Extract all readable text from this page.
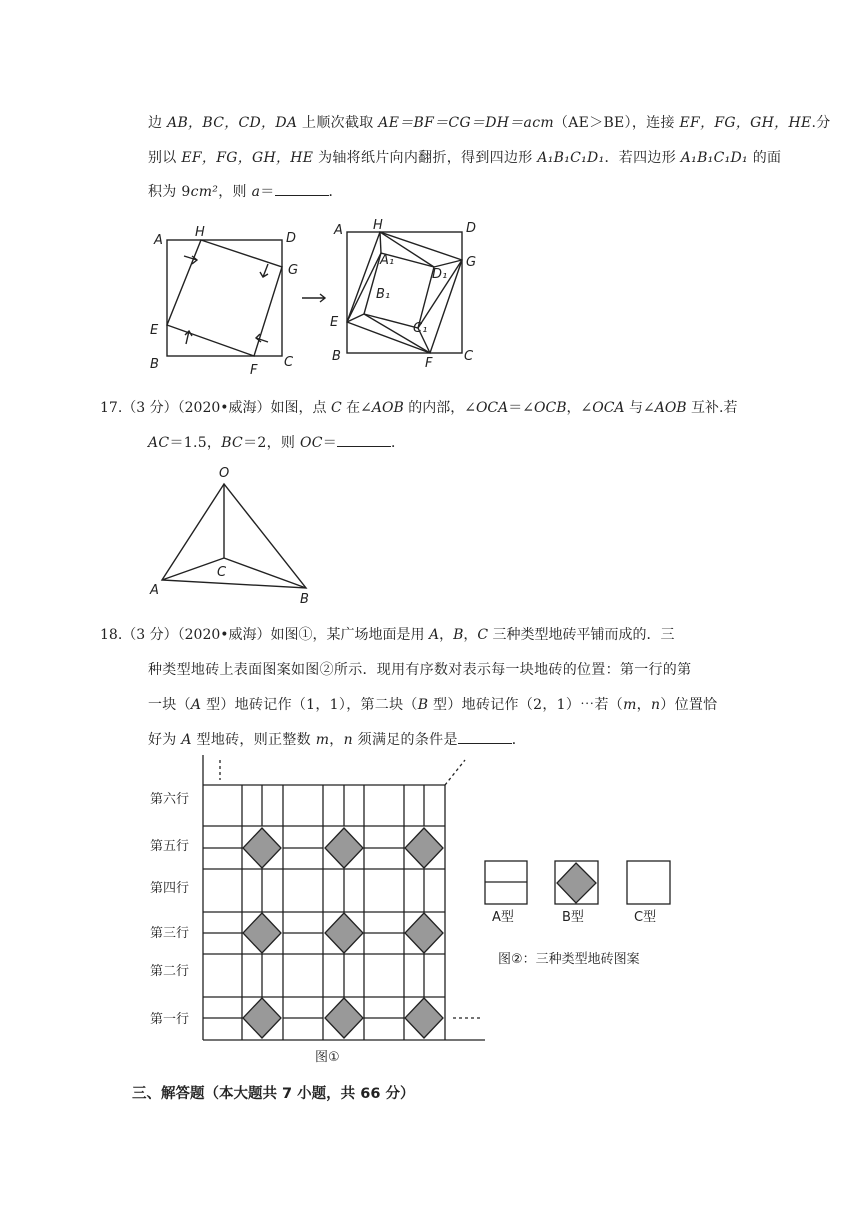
边 AB，BC，CD，DA 上顺次截取 AE＝BF＝CG＝DH＝acm（AE＞BE），连接 EF，FG，GH，HE.分
别以 EF，FG，GH，HE 为轴将纸片向内翻折，得到四边形 A₁B₁C₁D₁．若四边形 A₁B₁C₁D₁ 的面
积为 9cm²，则 a＝	．
A
H	D
G
E
B	F
C
A H	D
A₁
D₁
G
B₁
E	C₁
B	F C
17.（3 分）（2020•威海）如图，点 C 在∠AOB 的内部，∠OCA＝∠OCB，∠OCA 与∠AOB 互补.若
AC＝1.5，BC＝2，则 OC＝	．
O
C
A
B
18.（3 分）（2020•威海）如图①，某广场地面是用 A，B，C 三种类型地砖平铺而成的．三
种类型地砖上表面图案如图②所示．现用有序数对表示每一块地砖的位置：第一行的第
一块（A 型）地砖记作（1，1），第二块（B 型）地砖记作（2，1）⋯若（m，n）位置恰
好为 A 型地砖，则正整数 m，n 须满足的条件是	．
第六行
第五行
第四行
第三行
第二行
第一行
图①
A型	B型	C型
图②：三种类型地砖图案
三、解答题（本大题共 7 小题，共 66 分）
